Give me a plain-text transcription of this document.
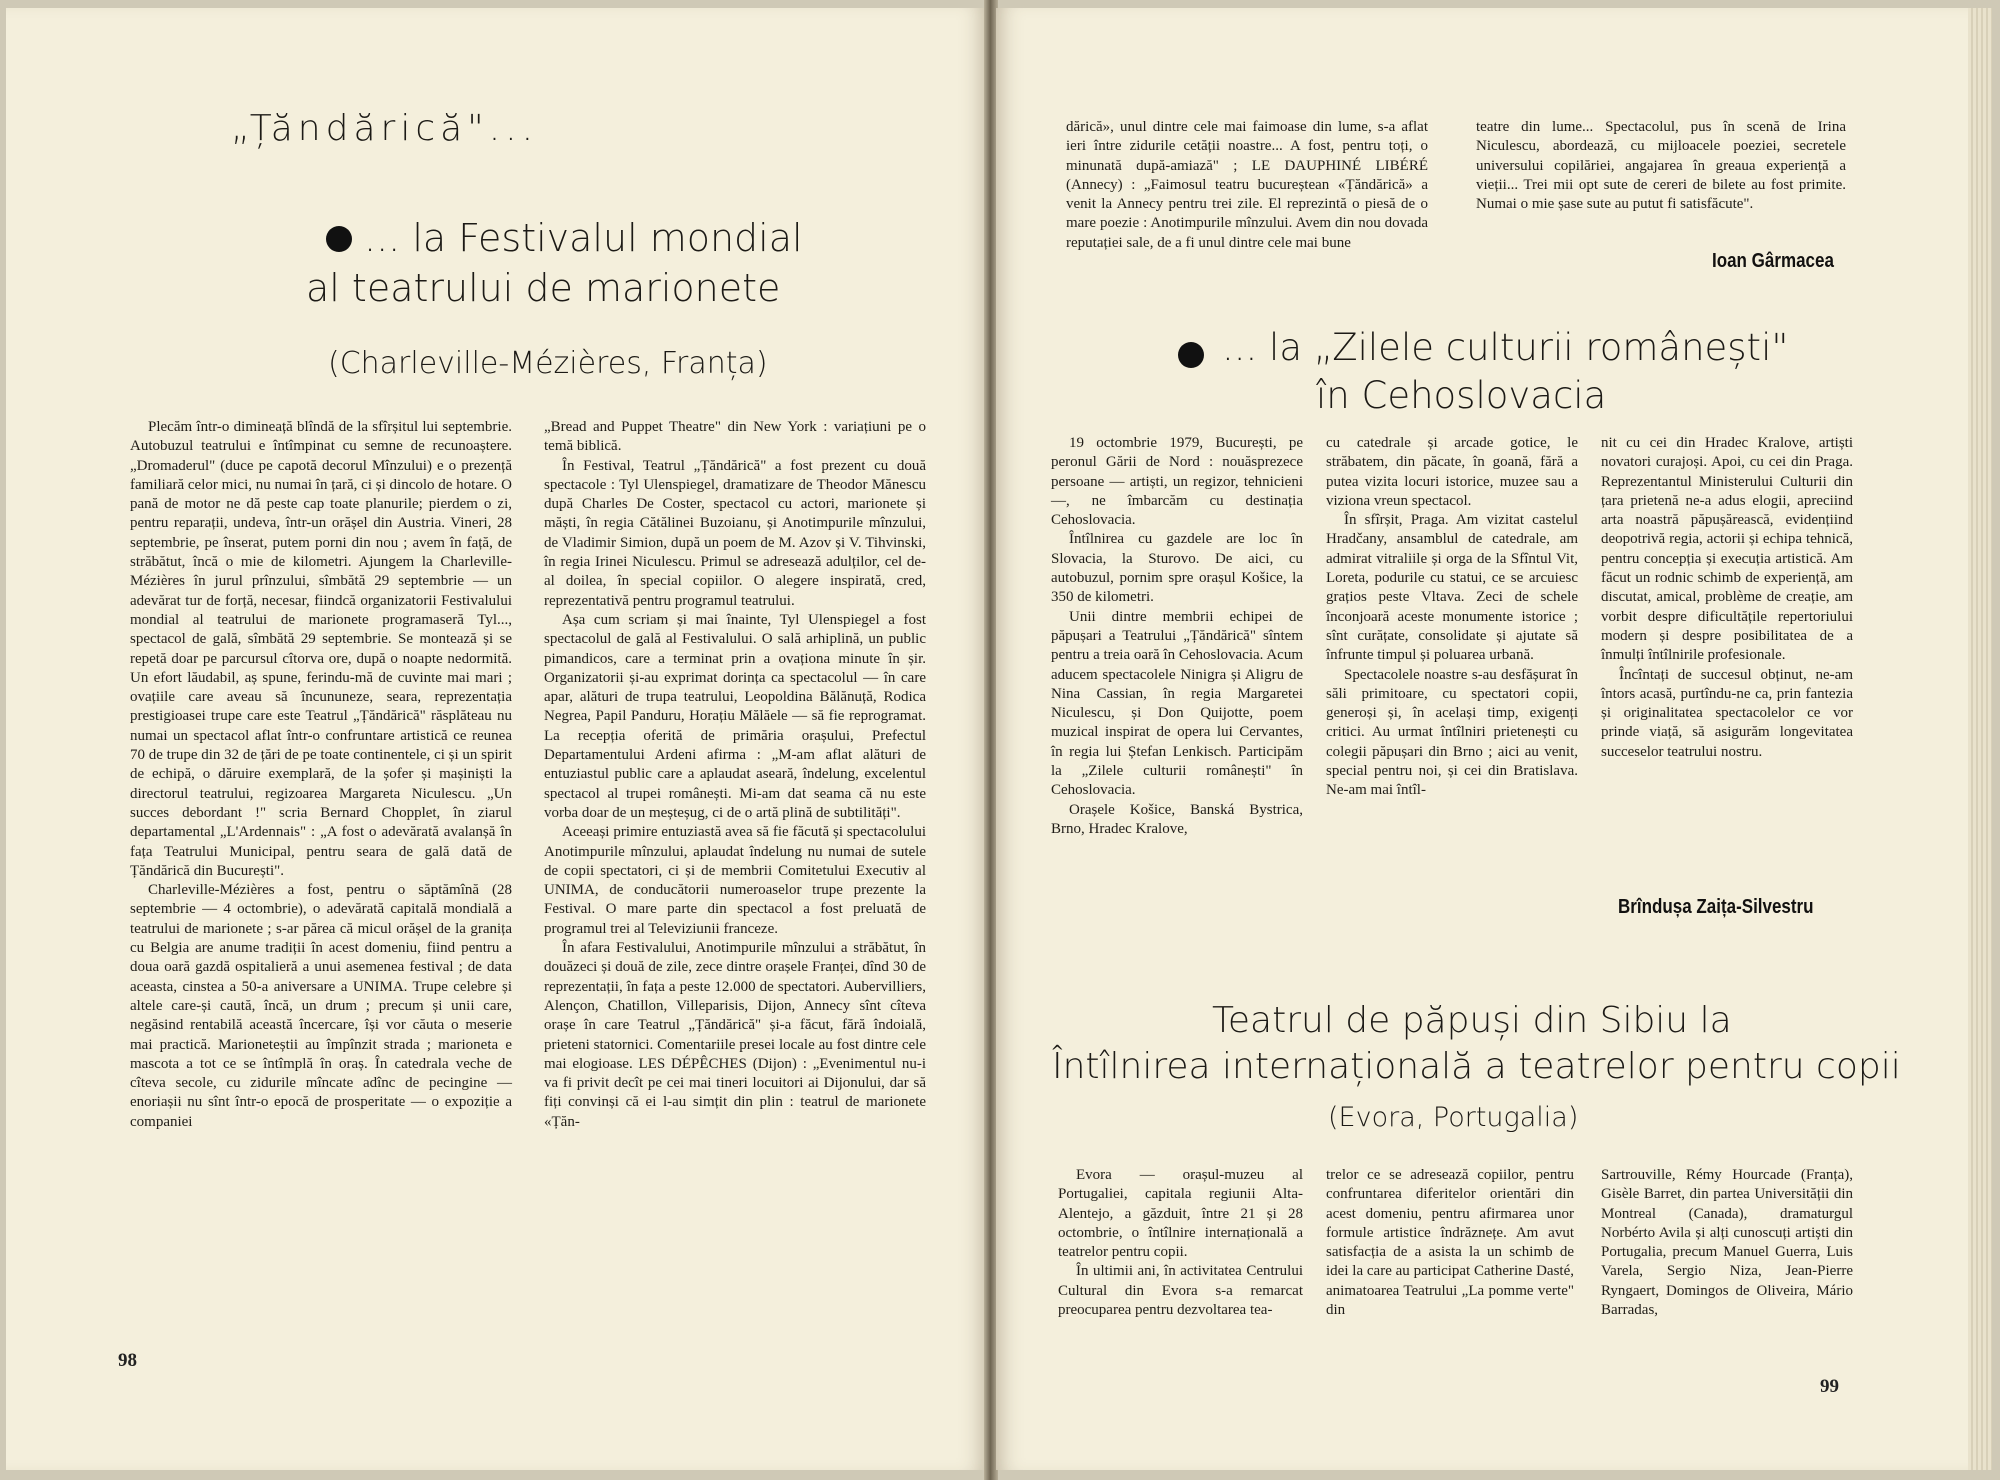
„Țăndărică"...
... la Festivalul mondial
al teatrului de marionete
(Charleville-Mézières, Franța)

Plecăm într-o dimineață blîndă de la sfîrșitul lui septembrie. Autobuzul teatrului e întîmpinat cu semne de recunoaștere. „Dromaderul" (duce pe capotă decorul Mînzului) e o prezență familiară celor mici, nu numai în țară, ci și dincolo de hotare. O pană de motor ne dă peste cap toate planurile; pierdem o zi, pentru reparații, undeva, într-un orășel din Austria. Vineri, 28 septembrie, pe înserat, putem porni din nou ; avem în față, de străbătut, încă o mie de kilometri. Ajungem la Charleville-Mézières în jurul prînzului, sîmbătă 29 septembrie — un adevărat tur de forță, necesar, fiindcă organizatorii Festivalului mondial al teatrului de marionete programaseră Tyl..., spectacol de gală, sîmbătă 29 septembrie. Se montează și se repetă doar pe parcursul cîtorva ore, după o noapte nedormită. Un efort lăudabil, aș spune, ferindu-mă de cuvinte mai mari ; ovațiile care aveau să încununeze, seara, reprezentația prestigioasei trupe care este Teatrul „Țăndărică" răsplăteau nu numai un spectacol aflat într-o confruntare artistică ce reunea 70 de trupe din 32 de țări de pe toate continentele, ci și un spirit de echipă, o dăruire exemplară, de la șofer și mașiniști la directorul teatrului, regizoarea Margareta Niculescu. „Un succes debordant !" scria Bernard Chopplet, în ziarul departamental „L'Ardennais" : „A fost o adevărată avalanșă în fața Teatrului Municipal, pentru seara de gală dată de Țăndărică din București".

Charleville-Mézières a fost, pentru o săptămînă (28 septembrie — 4 octombrie), o adevărată capitală mondială a teatrului de marionete ; s-ar părea că micul orășel de la granița cu Belgia are anume tradiții în acest domeniu, fiind pentru a doua oară gazdă ospitalieră a unui asemenea festival ; de data aceasta, cinstea a 50-a aniversare a UNIMA. Trupe celebre și altele care-și caută, încă, un drum ; precum și unii care, negăsind rentabilă această încercare, își vor căuta o meserie mai practică. Marioneteștii au împînzit strada ; marioneta e mascota a tot ce se întîmplă în oraș. În catedrala veche de cîteva secole, cu zidurile mîncate adînc de pecingine — enoriașii nu sînt într-o epocă de prosperitate — o expoziție a companiei

„Bread and Puppet Theatre" din New York : variațiuni pe o temă biblică.

În Festival, Teatrul „Țăndărică" a fost prezent cu două spectacole : Tyl Ulenspiegel, dramatizare de Theodor Mănescu după Charles De Coster, spectacol cu actori, marionete și măști, în regia Cătălinei Buzoianu, și Anotimpurile mînzului, de Vladimir Simion, după un poem de M. Azov și V. Tihvinski, în regia Irinei Niculescu. Primul se adresează adulților, cel de-al doilea, în special copiilor. O alegere inspirată, cred, reprezentativă pentru programul teatrului.

Așa cum scriam și mai înainte, Tyl Ulenspiegel a fost spectacolul de gală al Festivalului. O sală arhiplină, un public pimandicos, care a terminat prin a ovaționa minute în șir. Organizatorii și-au exprimat dorința ca spectacolul — în care apar, alături de trupa teatrului, Leopoldina Bălănuță, Rodica Negrea, Papil Panduru, Horațiu Mălăele — să fie reprogramat. La recepția oferită de primăria orașului, Prefectul Departamentului Ardeni afirma : „M-am aflat alături de entuziastul public care a aplaudat aseară, îndelung, excelentul spectacol al trupei românești. Mi-am dat seama că nu este vorba doar de un meșteșug, ci de o artă plină de subtilități".

Aceeași primire entuziastă avea să fie făcută și spectacolului Anotimpurile mînzului, aplaudat îndelung nu numai de sutele de copii spectatori, ci și de membrii Comitetului Executiv al UNIMA, de conducătorii numeroaselor trupe prezente la Festival. O mare parte din spectacol a fost preluată de programul trei al Televiziunii franceze.

În afara Festivalului, Anotimpurile mînzului a străbătut, în douăzeci și două de zile, zece dintre orașele Franței, dînd 30 de reprezentații, în fața a peste 12.000 de spectatori. Aubervilliers, Alençon, Chatillon, Villeparisis, Dijon, Annecy sînt cîteva orașe în care Teatrul „Țăndărică" și-a făcut, fără îndoială, prieteni statornici. Comentariile presei locale au fost dintre cele mai elogioase. LES DÉPÊCHES (Dijon) : „Evenimentul nu-i va fi privit decît pe cei mai tineri locuitori ai Dijonului, dar să fiți convinși că ei l-au simțit din plin : teatrul de marionete «Țăn-

98

dărică», unul dintre cele mai faimoase din lume, s-a aflat ieri între zidurile cetății noastre... A fost, pentru toți, o minunată după-amiază" ; LE DAUPHINÉ LIBÉRÉ (Annecy) : „Faimosul teatru bucureștean «Țăndărică» a venit la Annecy pentru trei zile. El reprezintă o piesă de o mare poezie : Anotimpurile mînzului. Avem din nou dovada reputației sale, de a fi unul dintre cele mai bune

teatre din lume... Spectacolul, pus în scenă de Irina Niculescu, abordează, cu mijloacele poeziei, secretele universului copilăriei, angajarea în greaua experiență a vieții... Trei mii opt sute de cereri de bilete au fost primite. Numai o mie șase sute au putut fi satisfăcute".

Ioan Gârmacea
... la „Zilele culturii românești"
în Cehoslovacia

19 octombrie 1979, București, pe peronul Gării de Nord : nouăsprezece persoane — artiști, un regizor, tehnicieni —, ne îmbarcăm cu destinația Cehoslovacia.

Întîlnirea cu gazdele are loc în Slovacia, la Sturovo. De aici, cu autobuzul, pornim spre orașul Košice, la 350 de kilometri.

Unii dintre membrii echipei de păpușari a Teatrului „Țăndărică" sîntem pentru a treia oară în Cehoslovacia. Acum aducem spectacolele Ninigra și Aligru de Nina Cassian, în regia Margaretei Niculescu, și Don Quijotte, poem muzical inspirat de opera lui Cervantes, în regia lui Ștefan Lenkisch. Participăm la „Zilele culturii românești" în Cehoslovacia.

Orașele Košice, Banská Bystrica, Brno, Hradec Kralove,

cu catedrale și arcade gotice, le străbatem, din păcate, în goană, fără a putea vizita locuri istorice, muzee sau a viziona vreun spectacol.

În sfîrșit, Praga. Am vizitat castelul Hradčany, ansamblul de catedrale, am admirat vitraliile și orga de la Sfîntul Vit, Loreta, podurile cu statui, ce se arcuiesc grațios peste Vltava. Zeci de schele înconjoară aceste monumente istorice ; sînt curățate, consolidate și ajutate să înfrunte timpul și poluarea urbană.

Spectacolele noastre s-au desfășurat în săli primitoare, cu spectatori copii, generoși și, în același timp, exigenți critici. Au urmat întîlniri prietenești cu colegii păpușari din Brno ; aici au venit, special pentru noi, și cei din Bratislava. Ne-am mai întîl-

nit cu cei din Hradec Kralove, artiști novatori curajoși. Apoi, cu cei din Praga. Reprezentantul Ministerului Culturii din țara prietenă ne-a adus elogii, apreciind arta noastră păpușărească, evidențiind deopotrivă regia, actorii și echipa tehnică, pentru concepția și execuția artistică. Am făcut un rodnic schimb de experiență, am discutat, amical, problème de creație, am vorbit despre dificultățile repertoriului modern și despre posibilitatea de a înmulți întîlnirile profesionale.

Încîntați de succesul obținut, ne-am întors acasă, purtîndu-ne ca, prin fantezia și originalitatea spectacolelor ce vor prinde viață, să asigurăm longevitatea succeselor teatrului nostru.

Brîndușa Zaița-Silvestru
Teatrul de păpuși din Sibiu la
Întîlnirea internațională a teatrelor pentru copii
(Evora, Portugalia)

Evora — orașul-muzeu al Portugaliei, capitala regiunii Alta-Alentejo, a găzduit, între 21 și 28 octombrie, o întîlnire internațională a teatrelor pentru copii.

În ultimii ani, în activitatea Centrului Cultural din Evora s-a remarcat preocuparea pentru dezvoltarea tea-

trelor ce se adresează copiilor, pentru confruntarea diferitelor orientări din acest domeniu, pentru afirmarea unor formule artistice îndrăznețe. Am avut satisfacția de a asista la un schimb de idei la care au participat Catherine Dasté, animatoarea Teatrului „La pomme verte" din

Sartrouville, Rémy Hourcade (Franța), Gisèle Barret, din partea Universității din Montreal (Canada), dramaturgul Norbérto Avila și alți cunoscuți artiști din Portugalia, precum Manuel Guerra, Luis Varela, Sergio Niza, Jean-Pierre Ryngaert, Domingos de Oliveira, Mário Barradas,

99
